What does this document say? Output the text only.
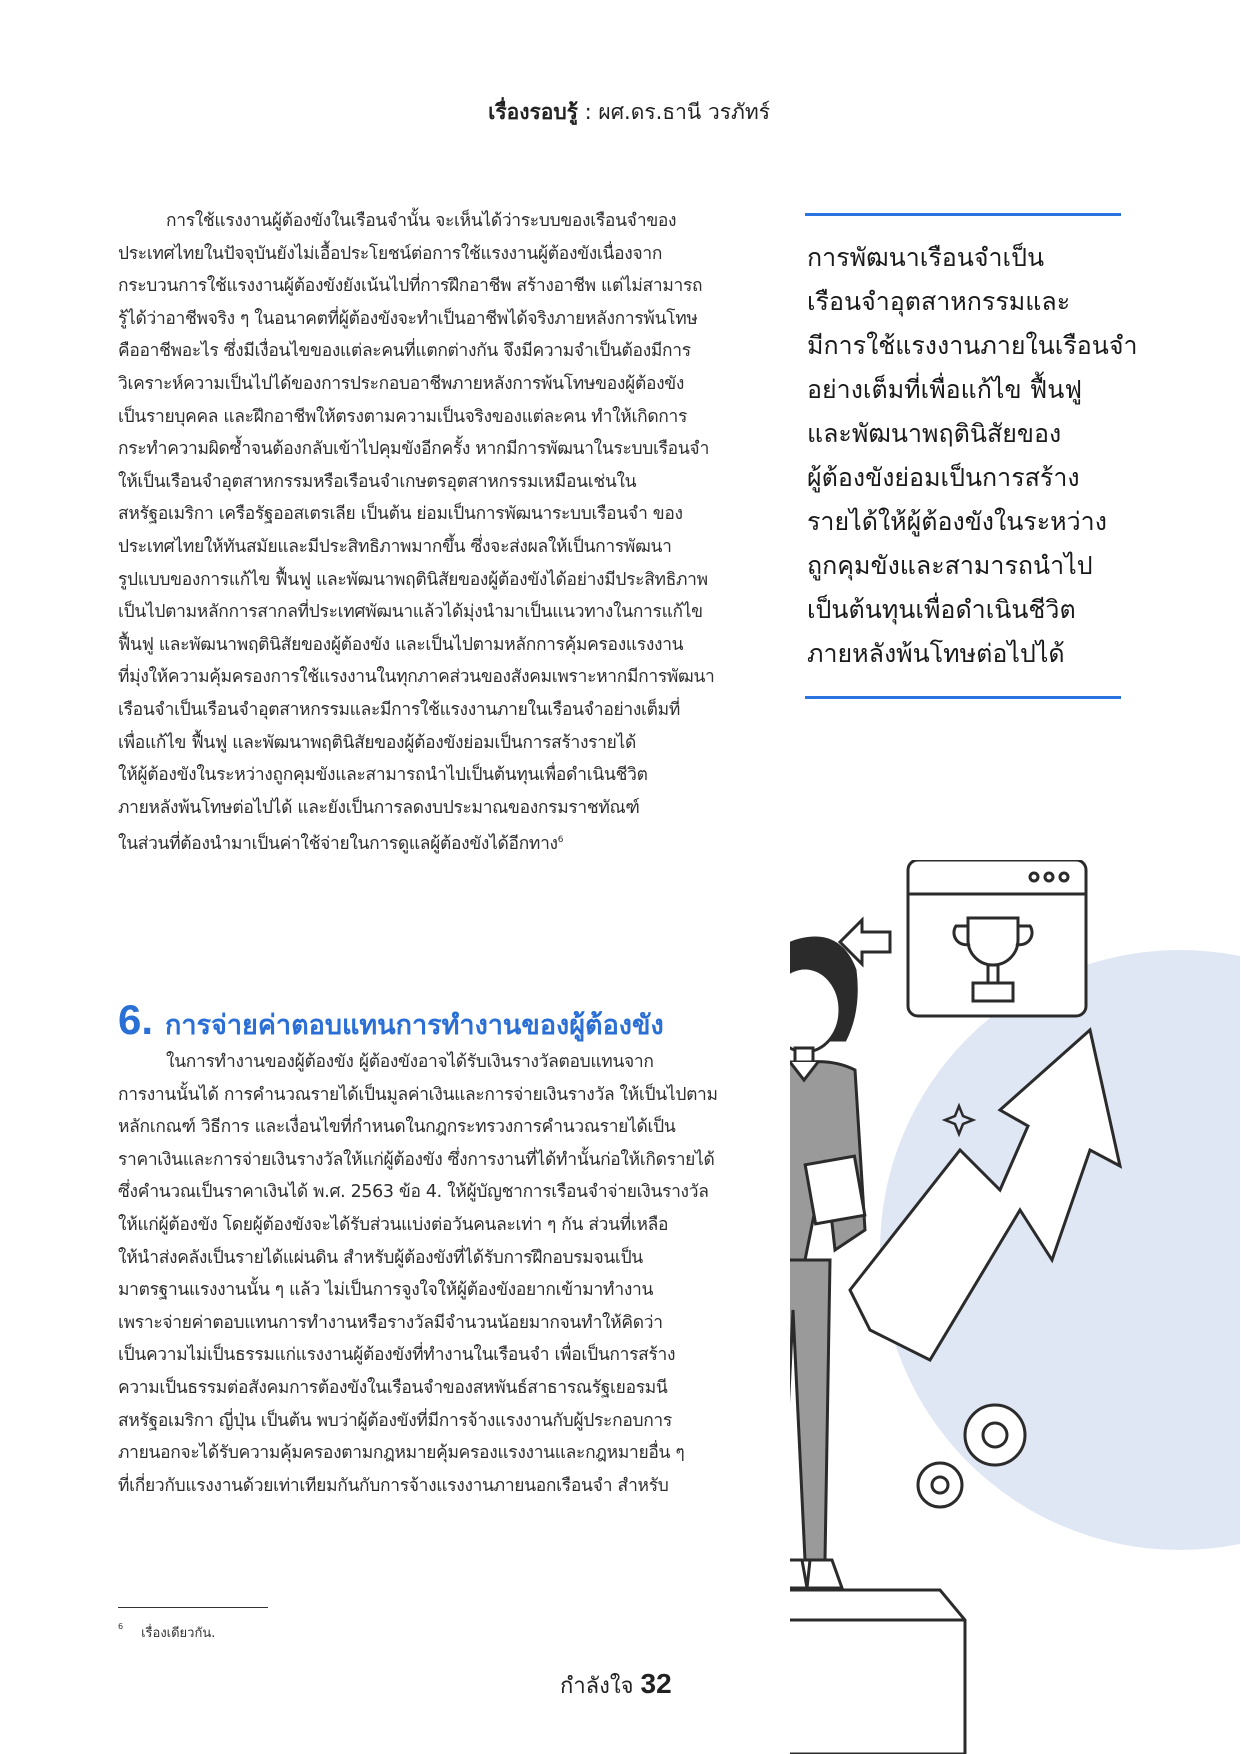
เรื่องรอบรู้ : ผศ.ดร.ธานี วรภัทร์

การใช้แรงงานผู้ต้องขังในเรือนจำนั้น จะเห็นได้ว่าระบบของเรือนจำของ
ประเทศไทยในปัจจุบันยังไม่เอื้อประโยชน์ต่อการใช้แรงงานผู้ต้องขังเนื่องจาก
กระบวนการใช้แรงงานผู้ต้องขังยังเน้นไปที่การฝึกอาชีพ สร้างอาชีพ แต่ไม่สามารถ
รู้ได้ว่าอาชีพจริง ๆ ในอนาคตที่ผู้ต้องขังจะทำเป็นอาชีพได้จริงภายหลังการพ้นโทษ
คืออาชีพอะไร ซึ่งมีเงื่อนไขของแต่ละคนที่แตกต่างกัน จึงมีความจำเป็นต้องมีการ
วิเคราะห์ความเป็นไปได้ของการประกอบอาชีพภายหลังการพ้นโทษของผู้ต้องขัง
เป็นรายบุคคล และฝึกอาชีพให้ตรงตามความเป็นจริงของแต่ละคน ทำให้เกิดการ
กระทำความผิดซ้ำจนต้องกลับเข้าไปคุมขังอีกครั้ง หากมีการพัฒนาในระบบเรือนจำ
ให้เป็นเรือนจำอุตสาหกรรมหรือเรือนจำเกษตรอุตสาหกรรมเหมือนเช่นใน
สหรัฐอเมริกา เครือรัฐออสเตรเลีย เป็นต้น ย่อมเป็นการพัฒนาระบบเรือนจำ ของ
ประเทศไทยให้ทันสมัยและมีประสิทธิภาพมากขึ้น ซึ่งจะส่งผลให้เป็นการพัฒนา
รูปแบบของการแก้ไข ฟื้นฟู และพัฒนาพฤตินิสัยของผู้ต้องขังได้อย่างมีประสิทธิภาพ
เป็นไปตามหลักการสากลที่ประเทศพัฒนาแล้วได้มุ่งนำมาเป็นแนวทางในการแก้ไข
ฟื้นฟู และพัฒนาพฤตินิสัยของผู้ต้องขัง และเป็นไปตามหลักการคุ้มครองแรงงาน
ที่มุ่งให้ความคุ้มครองการใช้แรงงานในทุกภาคส่วนของสังคมเพราะหากมีการพัฒนา
เรือนจำเป็นเรือนจำอุตสาหกรรมและมีการใช้แรงงานภายในเรือนจำอย่างเต็มที่
เพื่อแก้ไข ฟื้นฟู และพัฒนาพฤตินิสัยของผู้ต้องขังย่อมเป็นการสร้างรายได้
ให้ผู้ต้องขังในระหว่างถูกคุมขังและสามารถนำไปเป็นต้นทุนเพื่อดำเนินชีวิต
ภายหลังพ้นโทษต่อไปได้ และยังเป็นการลดงบประมาณของกรมราชทัณฑ์
ในส่วนที่ต้องนำมาเป็นค่าใช้จ่ายในการดูแลผู้ต้องขังได้อีกทาง$^6$

6. การจ่ายค่าตอบแทนการทำงานของผู้ต้องขัง

ในการทำงานของผู้ต้องขัง ผู้ต้องขังอาจได้รับเงินรางวัลตอบแทนจาก
การงานนั้นได้ การคำนวณรายได้เป็นมูลค่าเงินและการจ่ายเงินรางวัล ให้เป็นไปตาม
หลักเกณฑ์ วิธีการ และเงื่อนไขที่กำหนดในกฎกระทรวงการคำนวณรายได้เป็น
ราคาเงินและการจ่ายเงินรางวัลให้แก่ผู้ต้องขัง ซึ่งการงานที่ได้ทำนั้นก่อให้เกิดรายได้
ซึ่งคำนวณเป็นราคาเงินได้ พ.ศ. 2563 ข้อ 4. ให้ผู้บัญชาการเรือนจำจ่ายเงินรางวัล
ให้แก่ผู้ต้องขัง โดยผู้ต้องขังจะได้รับส่วนแบ่งต่อวันคนละเท่า ๆ กัน ส่วนที่เหลือ
ให้นำส่งคลังเป็นรายได้แผ่นดิน สำหรับผู้ต้องขังที่ได้รับการฝึกอบรมจนเป็น
มาตรฐานแรงงานนั้น ๆ แล้ว ไม่เป็นการจูงใจให้ผู้ต้องขังอยากเข้ามาทำงาน
เพราะจ่ายค่าตอบแทนการทำงานหรือรางวัลมีจำนวนน้อยมากจนทำให้คิดว่า
เป็นความไม่เป็นธรรมแก่แรงงานผู้ต้องขังที่ทำงานในเรือนจำ เพื่อเป็นการสร้าง
ความเป็นธรรมต่อสังคมการต้องขังในเรือนจำของสหพันธ์สาธารณรัฐเยอรมนี
สหรัฐอเมริกา ญี่ปุ่น เป็นต้น พบว่าผู้ต้องขังที่มีการจ้างแรงงานกับผู้ประกอบการ
ภายนอกจะได้รับความคุ้มครองตามกฎหมายคุ้มครองแรงงานและกฎหมายอื่น ๆ
ที่เกี่ยวกับแรงงานด้วยเท่าเทียมกันกับการจ้างแรงงานภายนอกเรือนจำ สำหรับ

การพัฒนาเรือนจำเป็น
เรือนจำอุตสาหกรรมและ
มีการใช้แรงงานภายในเรือนจำ
อย่างเต็มที่เพื่อแก้ไข ฟื้นฟู
และพัฒนาพฤตินิสัยของ
ผู้ต้องขังย่อมเป็นการสร้าง
รายได้ให้ผู้ต้องขังในระหว่าง
ถูกคุมขังและสามารถนำไป
เป็นต้นทุนเพื่อดำเนินชีวิต
ภายหลังพ้นโทษต่อไปได้
$^6$ เรื่องเดียวกัน.
กำลังใจ 32
